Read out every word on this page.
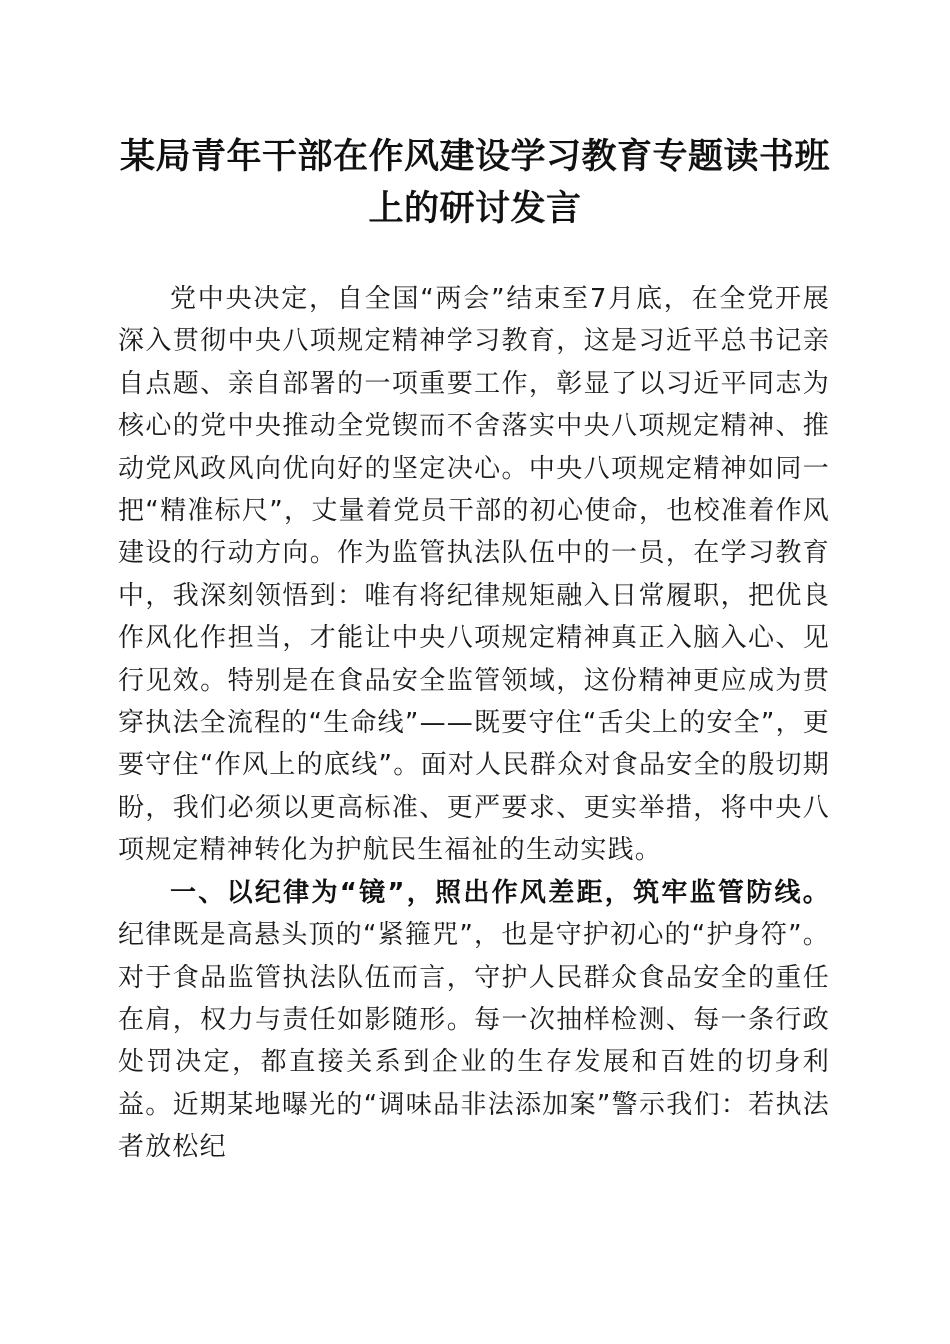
某局青年干部在作风建设学习教育专题读书班
上的研讨发言

党中央决定，自全国“两会”结束至7月底，在全党开展深入贯彻中央八项规定精神学习教育，这是习近平总书记亲自点题、亲自部署的一项重要工作，彰显了以习近平同志为核心的党中央推动全党锲而不舍落实中央八项规定精神、推动党风政风向优向好的坚定决心。中央八项规定精神如同一把“精准标尺”，丈量着党员干部的初心使命，也校准着作风建设的行动方向。作为监管执法队伍中的一员，在学习教育中，我深刻领悟到：唯有将纪律规矩融入日常履职，把优良作风化作担当，才能让中央八项规定精神真正入脑入心、见行见效。特别是在食品安全监管领域，这份精神更应成为贯穿执法全流程的“生命线”——既要守住“舌尖上的安全”，更要守住“作风上的底线”。面对人民群众对食品安全的殷切期盼，我们必须以更高标准、更严要求、更实举措，将中央八项规定精神转化为护航民生福祉的生动实践。

一、以纪律为“镜”，照出作风差距，筑牢监管防线。纪律既是高悬头顶的“紧箍咒”，也是守护初心的“护身符”。对于食品监管执法队伍而言，守护人民群众食品安全的重任在肩，权力与责任如影随形。每一次抽样检测、每一条行政处罚决定，都直接关系到企业的生存发展和百姓的切身利益。近期某地曝光的“调味品非法添加案”警示我们：若执法者放松纪
